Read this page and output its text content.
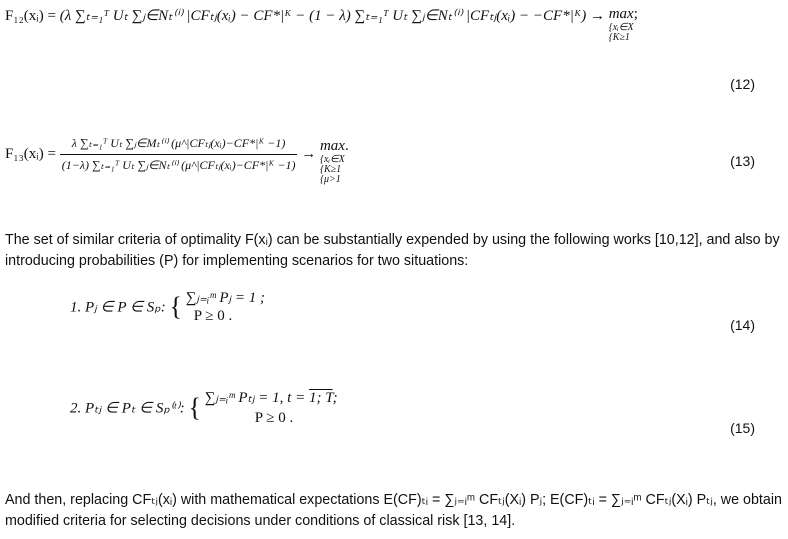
F₁₂(xᵢ) = (λ ∑ₜ₌₁ᵀ Uₜ ∑ⱼ∈Nₜ⁽ⁱ⁾ |CFₜⱼ(xᵢ) − CF*|ᴷ − (1 − λ) ∑ₜ₌₁ᵀ Uₜ ∑ⱼ∈Nₜ⁽ⁱ⁾ |CFₜⱼ(xᵢ) − −CF*|ᴷ) → max;
{xᵢ∈X
{K≥1
(12)
F₁₃(xᵢ) = $\frac{\text{λ ∑ₜ₌₁ᵀ Uₜ ∑ⱼ∈Mₜ⁽ⁱ⁾ (μ\textasciicircum{}|CFₜⱼ(xᵢ)−CF*|ᴷ −1)}}{\text{(1−λ) ∑ₜ₌₁ᵀ Uₜ ∑ⱼ∈Nₜ⁽ⁱ⁾ (μ\textasciicircum{}|CFₜⱼ(xᵢ)−CF*|ᴷ −1)}} \to \max$.
{xᵢ∈X
{K≥1
{μ>1
(13)
The set of similar criteria of optimality F(xᵢ) can be substantially expended by using the following works [10,12], and also by introducing probabilities (P) for implementing scenarios for two situations:
1. Pⱼ ∈ P ∈ Sₚ: { ∑ⱼ₌ᵢᵐ Pⱼ = 1 ;
P ≥ 0 .
(14)
2. Pₜⱼ ∈ Pₜ ∈ Sₚ⁽ᵗ⁾: { ∑ⱼ₌ᵢᵐ Pₜⱼ = 1, t = 1; T;
P ≥ 0 .
(15)
And then, replacing CFₜⱼ(xᵢ) with mathematical expectations E(CF)ₜᵢ = ∑ⱼ₌ᵢᵐ CFₜⱼ(Xᵢ) Pⱼ; E(CF)ₜᵢ = ∑ⱼ₌ᵢᵐ CFₜⱼ(Xᵢ) Pₜⱼ, we obtain modified criteria for selecting decisions under conditions of classical risk [13, 14].
